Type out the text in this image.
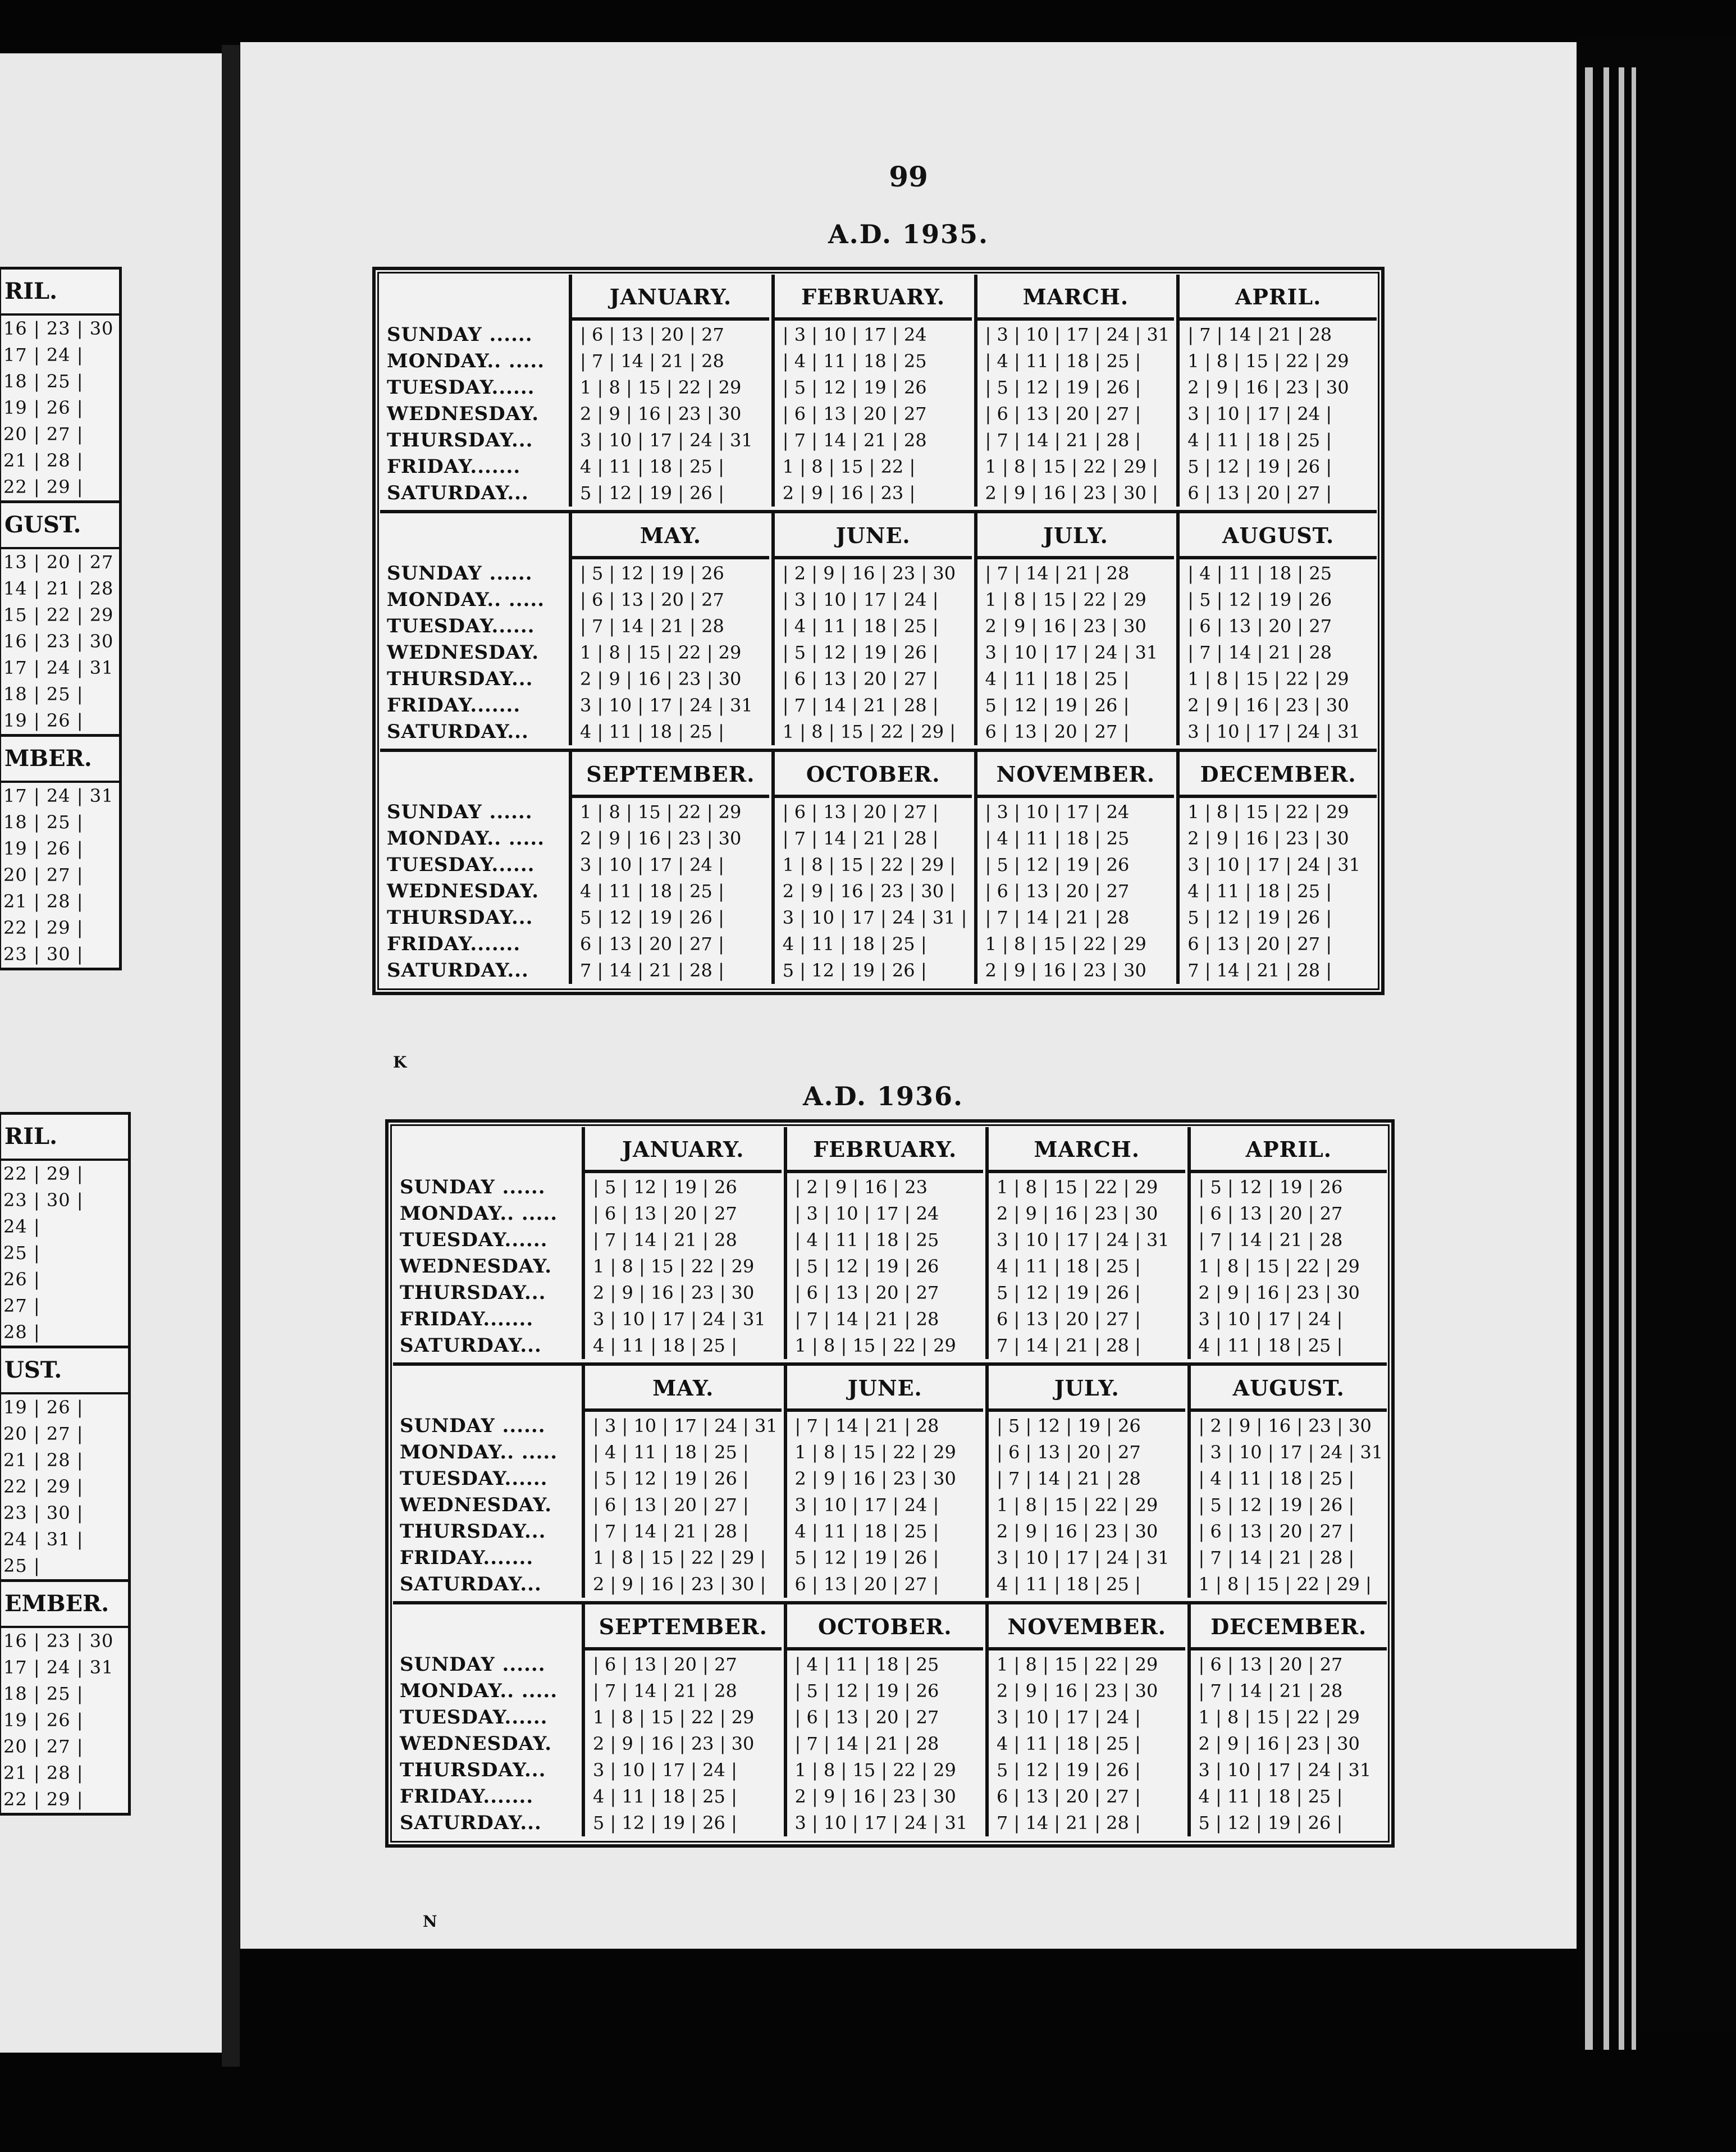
RIL.
16 | 23 | 30
17 | 24 |
18 | 25 |
19 | 26 |
20 | 27 |
21 | 28 |
22 | 29 |
GUST.
13 | 20 | 27
14 | 21 | 28
15 | 22 | 29
16 | 23 | 30
17 | 24 | 31
18 | 25 |
19 | 26 |
MBER.
17 | 24 | 31
18 | 25 |
19 | 26 |
20 | 27 |
21 | 28 |
22 | 29 |
23 | 30 |
RIL.
22 | 29 |
23 | 30 |
24 |
25 |
26 |
27 |
28 |
UST.
19 | 26 |
20 | 27 |
21 | 28 |
22 | 29 |
23 | 30 |
24 | 31 |
25 |
EMBER.
16 | 23 | 30
17 | 24 | 31
18 | 25 |
19 | 26 |
20 | 27 |
21 | 28 |
22 | 29 |
99
A.D. 1935.
SUNDAY ......
MONDAY.. .....
TUESDAY......
WEDNESDAY.
THURSDAY...
FRIDAY.......
SATURDAY...
JANUARY.
| 6 | 13 | 20 | 27
| 7 | 14 | 21 | 28
1 | 8 | 15 | 22 | 29
2 | 9 | 16 | 23 | 30
3 | 10 | 17 | 24 | 31
4 | 11 | 18 | 25 |
5 | 12 | 19 | 26 |
FEBRUARY.
| 3 | 10 | 17 | 24
| 4 | 11 | 18 | 25
| 5 | 12 | 19 | 26
| 6 | 13 | 20 | 27
| 7 | 14 | 21 | 28
1 | 8 | 15 | 22 |
2 | 9 | 16 | 23 |
MARCH.
| 3 | 10 | 17 | 24 | 31
| 4 | 11 | 18 | 25 |
| 5 | 12 | 19 | 26 |
| 6 | 13 | 20 | 27 |
| 7 | 14 | 21 | 28 |
1 | 8 | 15 | 22 | 29 |
2 | 9 | 16 | 23 | 30 |
APRIL.
| 7 | 14 | 21 | 28
1 | 8 | 15 | 22 | 29
2 | 9 | 16 | 23 | 30
3 | 10 | 17 | 24 |
4 | 11 | 18 | 25 |
5 | 12 | 19 | 26 |
6 | 13 | 20 | 27 |
SUNDAY ......
MONDAY.. .....
TUESDAY......
WEDNESDAY.
THURSDAY...
FRIDAY.......
SATURDAY...
MAY.
| 5 | 12 | 19 | 26
| 6 | 13 | 20 | 27
| 7 | 14 | 21 | 28
1 | 8 | 15 | 22 | 29
2 | 9 | 16 | 23 | 30
3 | 10 | 17 | 24 | 31
4 | 11 | 18 | 25 |
JUNE.
| 2 | 9 | 16 | 23 | 30
| 3 | 10 | 17 | 24 |
| 4 | 11 | 18 | 25 |
| 5 | 12 | 19 | 26 |
| 6 | 13 | 20 | 27 |
| 7 | 14 | 21 | 28 |
1 | 8 | 15 | 22 | 29 |
JULY.
| 7 | 14 | 21 | 28
1 | 8 | 15 | 22 | 29
2 | 9 | 16 | 23 | 30
3 | 10 | 17 | 24 | 31
4 | 11 | 18 | 25 |
5 | 12 | 19 | 26 |
6 | 13 | 20 | 27 |
AUGUST.
| 4 | 11 | 18 | 25
| 5 | 12 | 19 | 26
| 6 | 13 | 20 | 27
| 7 | 14 | 21 | 28
1 | 8 | 15 | 22 | 29
2 | 9 | 16 | 23 | 30
3 | 10 | 17 | 24 | 31
SUNDAY ......
MONDAY.. .....
TUESDAY......
WEDNESDAY.
THURSDAY...
FRIDAY.......
SATURDAY...
SEPTEMBER.
1 | 8 | 15 | 22 | 29
2 | 9 | 16 | 23 | 30
3 | 10 | 17 | 24 |
4 | 11 | 18 | 25 |
5 | 12 | 19 | 26 |
6 | 13 | 20 | 27 |
7 | 14 | 21 | 28 |
OCTOBER.
| 6 | 13 | 20 | 27 |
| 7 | 14 | 21 | 28 |
1 | 8 | 15 | 22 | 29 |
2 | 9 | 16 | 23 | 30 |
3 | 10 | 17 | 24 | 31 |
4 | 11 | 18 | 25 |
5 | 12 | 19 | 26 |
NOVEMBER.
| 3 | 10 | 17 | 24
| 4 | 11 | 18 | 25
| 5 | 12 | 19 | 26
| 6 | 13 | 20 | 27
| 7 | 14 | 21 | 28
1 | 8 | 15 | 22 | 29
2 | 9 | 16 | 23 | 30
DECEMBER.
1 | 8 | 15 | 22 | 29
2 | 9 | 16 | 23 | 30
3 | 10 | 17 | 24 | 31
4 | 11 | 18 | 25 |
5 | 12 | 19 | 26 |
6 | 13 | 20 | 27 |
7 | 14 | 21 | 28 |
K
A.D. 1936.
SUNDAY ......
MONDAY.. .....
TUESDAY......
WEDNESDAY.
THURSDAY...
FRIDAY.......
SATURDAY...
JANUARY.
| 5 | 12 | 19 | 26
| 6 | 13 | 20 | 27
| 7 | 14 | 21 | 28
1 | 8 | 15 | 22 | 29
2 | 9 | 16 | 23 | 30
3 | 10 | 17 | 24 | 31
4 | 11 | 18 | 25 |
FEBRUARY.
| 2 | 9 | 16 | 23
| 3 | 10 | 17 | 24
| 4 | 11 | 18 | 25
| 5 | 12 | 19 | 26
| 6 | 13 | 20 | 27
| 7 | 14 | 21 | 28
1 | 8 | 15 | 22 | 29
MARCH.
1 | 8 | 15 | 22 | 29
2 | 9 | 16 | 23 | 30
3 | 10 | 17 | 24 | 31
4 | 11 | 18 | 25 |
5 | 12 | 19 | 26 |
6 | 13 | 20 | 27 |
7 | 14 | 21 | 28 |
APRIL.
| 5 | 12 | 19 | 26
| 6 | 13 | 20 | 27
| 7 | 14 | 21 | 28
1 | 8 | 15 | 22 | 29
2 | 9 | 16 | 23 | 30
3 | 10 | 17 | 24 |
4 | 11 | 18 | 25 |
SUNDAY ......
MONDAY.. .....
TUESDAY......
WEDNESDAY.
THURSDAY...
FRIDAY.......
SATURDAY...
MAY.
| 3 | 10 | 17 | 24 | 31
| 4 | 11 | 18 | 25 |
| 5 | 12 | 19 | 26 |
| 6 | 13 | 20 | 27 |
| 7 | 14 | 21 | 28 |
1 | 8 | 15 | 22 | 29 |
2 | 9 | 16 | 23 | 30 |
JUNE.
| 7 | 14 | 21 | 28
1 | 8 | 15 | 22 | 29
2 | 9 | 16 | 23 | 30
3 | 10 | 17 | 24 |
4 | 11 | 18 | 25 |
5 | 12 | 19 | 26 |
6 | 13 | 20 | 27 |
JULY.
| 5 | 12 | 19 | 26
| 6 | 13 | 20 | 27
| 7 | 14 | 21 | 28
1 | 8 | 15 | 22 | 29
2 | 9 | 16 | 23 | 30
3 | 10 | 17 | 24 | 31
4 | 11 | 18 | 25 |
AUGUST.
| 2 | 9 | 16 | 23 | 30
| 3 | 10 | 17 | 24 | 31
| 4 | 11 | 18 | 25 |
| 5 | 12 | 19 | 26 |
| 6 | 13 | 20 | 27 |
| 7 | 14 | 21 | 28 |
1 | 8 | 15 | 22 | 29 |
SUNDAY ......
MONDAY.. .....
TUESDAY......
WEDNESDAY.
THURSDAY...
FRIDAY.......
SATURDAY...
SEPTEMBER.
| 6 | 13 | 20 | 27
| 7 | 14 | 21 | 28
1 | 8 | 15 | 22 | 29
2 | 9 | 16 | 23 | 30
3 | 10 | 17 | 24 |
4 | 11 | 18 | 25 |
5 | 12 | 19 | 26 |
OCTOBER.
| 4 | 11 | 18 | 25
| 5 | 12 | 19 | 26
| 6 | 13 | 20 | 27
| 7 | 14 | 21 | 28
1 | 8 | 15 | 22 | 29
2 | 9 | 16 | 23 | 30
3 | 10 | 17 | 24 | 31
NOVEMBER.
1 | 8 | 15 | 22 | 29
2 | 9 | 16 | 23 | 30
3 | 10 | 17 | 24 |
4 | 11 | 18 | 25 |
5 | 12 | 19 | 26 |
6 | 13 | 20 | 27 |
7 | 14 | 21 | 28 |
DECEMBER.
| 6 | 13 | 20 | 27
| 7 | 14 | 21 | 28
1 | 8 | 15 | 22 | 29
2 | 9 | 16 | 23 | 30
3 | 10 | 17 | 24 | 31
4 | 11 | 18 | 25 |
5 | 12 | 19 | 26 |
N
